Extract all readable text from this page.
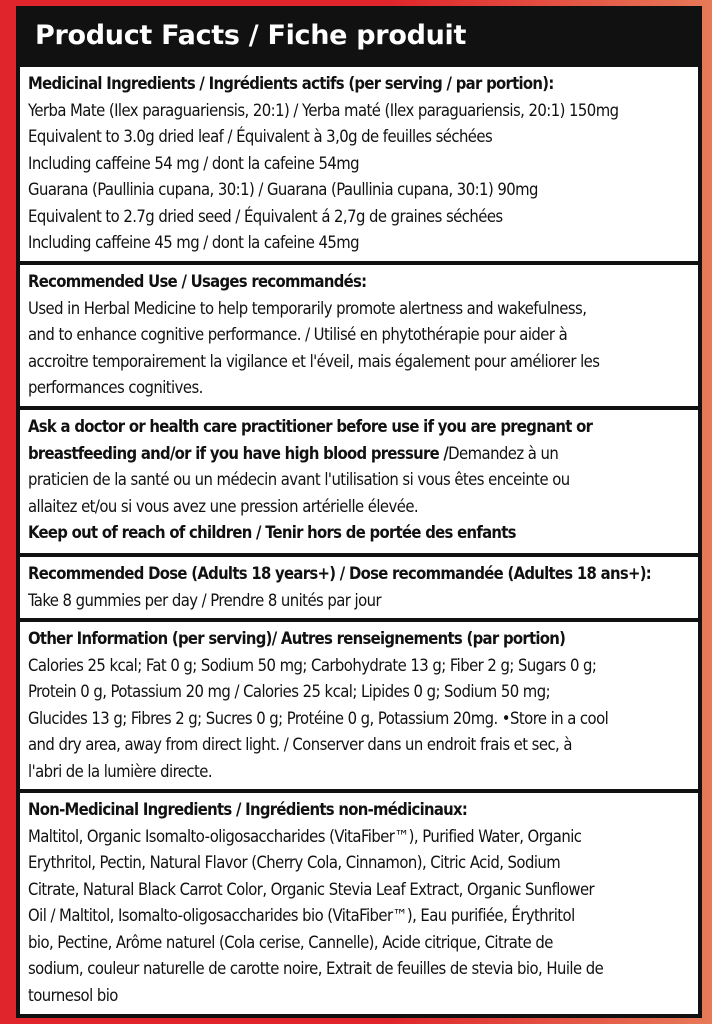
Product Facts / Fiche produit
Medicinal Ingredients / Ingrédients actifs (per serving / par portion):
Yerba Mate (Ilex paraguariensis, 20:1) / Yerba maté (Ilex paraguariensis, 20:1) 150mg
Equivalent to 3.0g dried leaf / Équivalent à 3,0g de feuilles séchées
Including caffeine 54 mg / dont la cafeine 54mg
Guarana (Paullinia cupana, 30:1) / Guarana (Paullinia cupana, 30:1) 90mg
Equivalent to 2.7g dried seed / Équivalent á 2,7g de graines séchées
Including caffeine 45 mg / dont la cafeine 45mg
Recommended Use / Usages recommandés:
Used in Herbal Medicine to help temporarily promote alertness and wakefulness,
and to enhance cognitive performance. / Utilisé en phytothérapie pour aider à
accroitre temporairement la vigilance et l'éveil, mais également pour améliorer les
performances cognitives.
Ask a doctor or health care practitioner before use if you are pregnant or
breastfeeding and/or if you have high blood pressure /Demandez à un
praticien de la santé ou un médecin avant l'utilisation si vous êtes enceinte ou
allaitez et/ou si vous avez une pression artérielle élevée.
Keep out of reach of children / Tenir hors de portée des enfants
Recommended Dose (Adults 18 years+) / Dose recommandée (Adultes 18 ans+):
Take 8 gummies per day / Prendre 8 unités par jour
Other Information (per serving)/ Autres renseignements (par portion)
Calories 25 kcal; Fat 0 g; Sodium 50 mg; Carbohydrate 13 g; Fiber 2 g; Sugars 0 g;
Protein 0 g, Potassium 20 mg / Calories 25 kcal; Lipides 0 g; Sodium 50 mg;
Glucides 13 g; Fibres 2 g; Sucres 0 g; Protéine 0 g, Potassium 20mg. •Store in a cool
and dry area, away from direct light. / Conserver dans un endroit frais et sec, à
l'abri de la lumière directe.
Non-Medicinal Ingredients / Ingrédients non-médicinaux:
Maltitol, Organic Isomalto-oligosaccharides (VitaFiber™), Purified Water, Organic
Erythritol, Pectin, Natural Flavor (Cherry Cola, Cinnamon), Citric Acid, Sodium
Citrate, Natural Black Carrot Color, Organic Stevia Leaf Extract, Organic Sunflower
Oil / Maltitol, Isomalto-oligosaccharides bio (VitaFiber™), Eau purifiée, Érythritol
bio, Pectine, Arôme naturel (Cola cerise, Cannelle), Acide citrique, Citrate de
sodium, couleur naturelle de carotte noire, Extrait de feuilles de stevia bio, Huile de
tournesol bio
